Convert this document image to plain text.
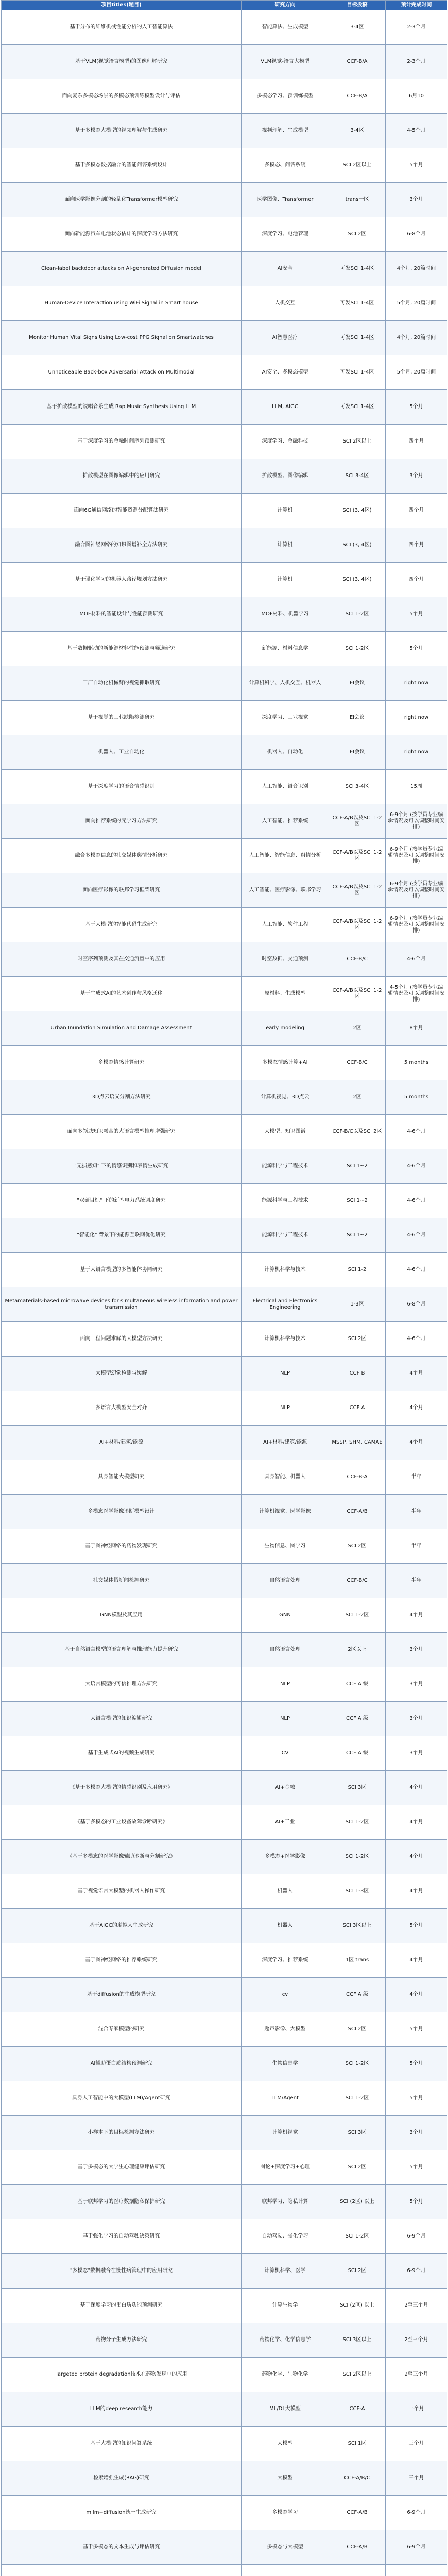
项目titles(题目)	研究方向	目标投稿	预计完成时间
基于分布的纤维机械性能分析的人工智能算法	智能算法、生成模型	3-4区	2-3个月
基于VLM(视觉语言模型)的图像理解研究	VLM视觉-语言大模型	CCF-B/A	2-3个月
面向复杂多模态场景的多模态预训练模型设计与评估	多模态学习、预训练模型	CCF-B/A	6月10
基于多模态大模型的视频理解与生成研究	视频理解、生成模型	3-4区	4-5个月
基于多模态数据融合的智能问答系统设计	多模态、问答系统	SCI 2区以上	5个月
面向医学影像分割的轻量化Transformer模型研究	医学图像、Transformer	trans一区	3个月
面向新能源汽车电池状态估计的深度学习方法研究	深度学习、电池管理	SCI 2区	6-8个月
Clean-label backdoor attacks on AI-generated Diffusion model	AI安全	可发SCI 1-4区	4个月, 20篇时间
Human-Device Interaction using WiFi Signal in Smart house	人机交互	可发SCI 1-4区	5个月, 20篇时间
Monitor Human Vital Signs Using Low-cost PPG Signal on Smartwatches	AI智慧医疗	可发SCI 1-4区	4个月, 20篇时间
Unnoticeable Back-box Adversarial Attack on Multimodal	AI安全、多模态模型	可发SCI 1-4区	5个月, 20篇时间
基于扩散模型的说唱音乐生成 Rap Music Synthesis Using LLM	LLM, AIGC	可发SCI 1-4区	5个月
基于深度学习的金融时间序列预测研究	深度学习、金融科技	SCI 2区以上	四个月
扩散模型在图像编辑中的应用研究	扩散模型、图像编辑	SCI 3-4区	3个月
面向6G通信网络的智能资源分配算法研究	计算机	SCI (3, 4区)	四个月
融合图神经网络的知识图谱补全方法研究	计算机	SCI (3, 4区)	四个月
基于强化学习的机器人路径规划方法研究	计算机	SCI (3, 4区)	四个月
MOF材料的智能设计与性能预测研究	MOF材料、机器学习	SCI 1-2区	5个月
基于数据驱动的新能源材料性能预测与筛选研究	新能源、材料信息学	SCI 1-2区	5个月
工厂自动化机械臂的视觉抓取研究	计算机科学、人机交互、机器人	EI会议	right now
基于视觉的工业缺陷检测研究	深度学习、工业视觉	EI会议	right now
机器人、工业自动化	机器人、自动化	EI会议	right now
基于深度学习的语音情感识别	人工智能、语音识别	SCI 3-4区	15周
面向推荐系统的元学习方法研究	人工智能、推荐系统	CCF-A/B以及SCI 1-2区	6-9个月 (按学员专业编辑情况及可以调整时间安排)
融合多模态信息的社交媒体舆情分析研究	人工智能、智能信息、舆情分析	CCF-A/B以及SCI 1-2区	6-9个月 (按学员专业编辑情况及可以调整时间安排)
面向医疗影像的联邦学习框架研究	人工智能、医疗影像、联邦学习	CCF-A/B以及SCI 1-2区	6-9个月 (按学员专业编辑情况及可以调整时间安排)
基于大模型的智能代码生成研究	人工智能、软件工程	CCF-A/B以及SCI 1-2区	6-9个月 (按学员专业编辑情况及可以调整时间安排)
时空序列预测及其在交通流量中的应用	时空数据、交通预测	CCF-B/C	4-6个月
基于生成式AI的艺术创作与风格迁移	原材料、生成模型	CCF-A/B以及SCI 1-2区	4-5个月 (按学员专业编辑情况及可以调整时间安排)
Urban Inundation Simulation and Damage Assessment	early modeling	2区	8个月
多模态情感计算研究	多模态情感计算+AI	CCF-B/C	5 months
3D点云语义分割方法研究	计算机视觉、3D点云	2区	5 months
面向多领域知识融合的大语言模型推理增强研究	大模型、知识图谱	CCF-B/C以及SCI 2区	4-6个月
"无损感知" 下的情感识别和表情生成研究	能源科学与工程技术	SCI 1~2	4-6个月
"双碳目标" 下的新型电力系统调度研究	能源科学与工程技术	SCI 1~2	4-6个月
"智能化" 背景下的能源互联网优化研究	能源科学与工程技术	SCI 1~2	4-6个月
基于大语言模型的多智能体协同研究	计算机科学与技术	SCI 1-2	4-6个月
Metamaterials-based microwave devices for simultaneous wireless information and power transmission	Electrical and Electronics Engineering	1-3区	6-8个月
面向工程问题求解的大模型方法研究	计算机科学与技术	SCI 2区	4-6个月
大模型幻觉检测与缓解	NLP	CCF B	4个月
多语言大模型安全对齐	NLP	CCF A	4个月
AI+材料/建筑/能源	AI+材料/建筑/能源	MSSP, SHM, CAMAE	4个月
具身智能大模型研究	具身智能、机器人	CCF-B-A	半年
多模态医学影像诊断模型设计	计算机视觉、医学影像	CCF-A/B	半年
基于图神经网络的药物发现研究	生物信息、图学习	SCI 2区	半年
社交媒体假新闻检测研究	自然语言处理	CCF-B/C	半年
GNN模型及其应用	GNN	SCI 1-2区	4个月
基于自然语言模型的语言理解与推理能力提升研究	自然语言处理	2区以上	3个月
大语言模型的可信推理方法研究	NLP	CCF A 级	3个月
大语言模型的知识编辑研究	NLP	CCF A 级	3个月
基于生成式AI的视频生成研究	CV	CCF A 级	3个月
《基于多模态大模型的情感识别及应用研究》	AI+金融	SCI 3区	4个月
《基于多模态的工业设备故障诊断研究》	AI+工业	SCI 1-2区	4个月
《基于多模态的医学影像辅助诊断与分割研究》	多模态+医学影像	SCI 1-2区	4个月
基于视觉语言大模型的机器人操作研究	机器人	SCI 1-3区	4个月
基于AIGC的虚拟人生成研究	机器人	SCI 3区以上	5个月
基于图神经网络的推荐系统研究	深度学习、推荐系统	1区 trans	4个月
基于diffusion的生成模型研究	cv	CCF A 级	4个月
混合专家模型的研究	超声影像、大模型	SCI 2区	5个月
AI辅助蛋白质结构预测研究	生物信息学	SCI 1-2区	5个月
具身人工智能中的大模型(LLM)/Agent研究	LLM/Agent	SCI 1-2区	5个月
小样本下的目标检测方法研究	计算机视觉	SCI 3区	3个月
基于多模态的大学生心理健康评估研究	图论+深度学习+心理	SCI 2区	5个月
基于联邦学习的医疗数据隐私保护研究	联邦学习、隐私计算	SCI (2区) 以上	5个月
基于强化学习的自动驾驶决策研究	自动驾驶、强化学习	SCI 1-2区	6-9个月
"多模态"数据融合在慢性病管理中的应用研究	计算机科学、医学	SCI 2区	6-9个月
基于深度学习的蛋白质功能预测研究	计算生物学	SCI (2区) 以上	2至三个月
药物分子生成方法研究	药物化学、化学信息学	SCI 3区以上	2至三个月
Targeted protein degradation技术在药物发现中的应用	药物化学、生物化学	SCI 2区以上	2至三个月
LLM的deep research能力	ML/DL大模型	CCF-A	一个月
基于大模型的知识问答系统	大模型	SCI 1区	三个月
检索增强生成(RAG)研究	大模型	CCF-A/B/C	三个月
mllm+diffusion统一生成研究	多模态学习	CCF-A/B	6-9个月
基于多模态的文本生成与评估研究	多模态与大模型	CCF-A/B	6-9个月
